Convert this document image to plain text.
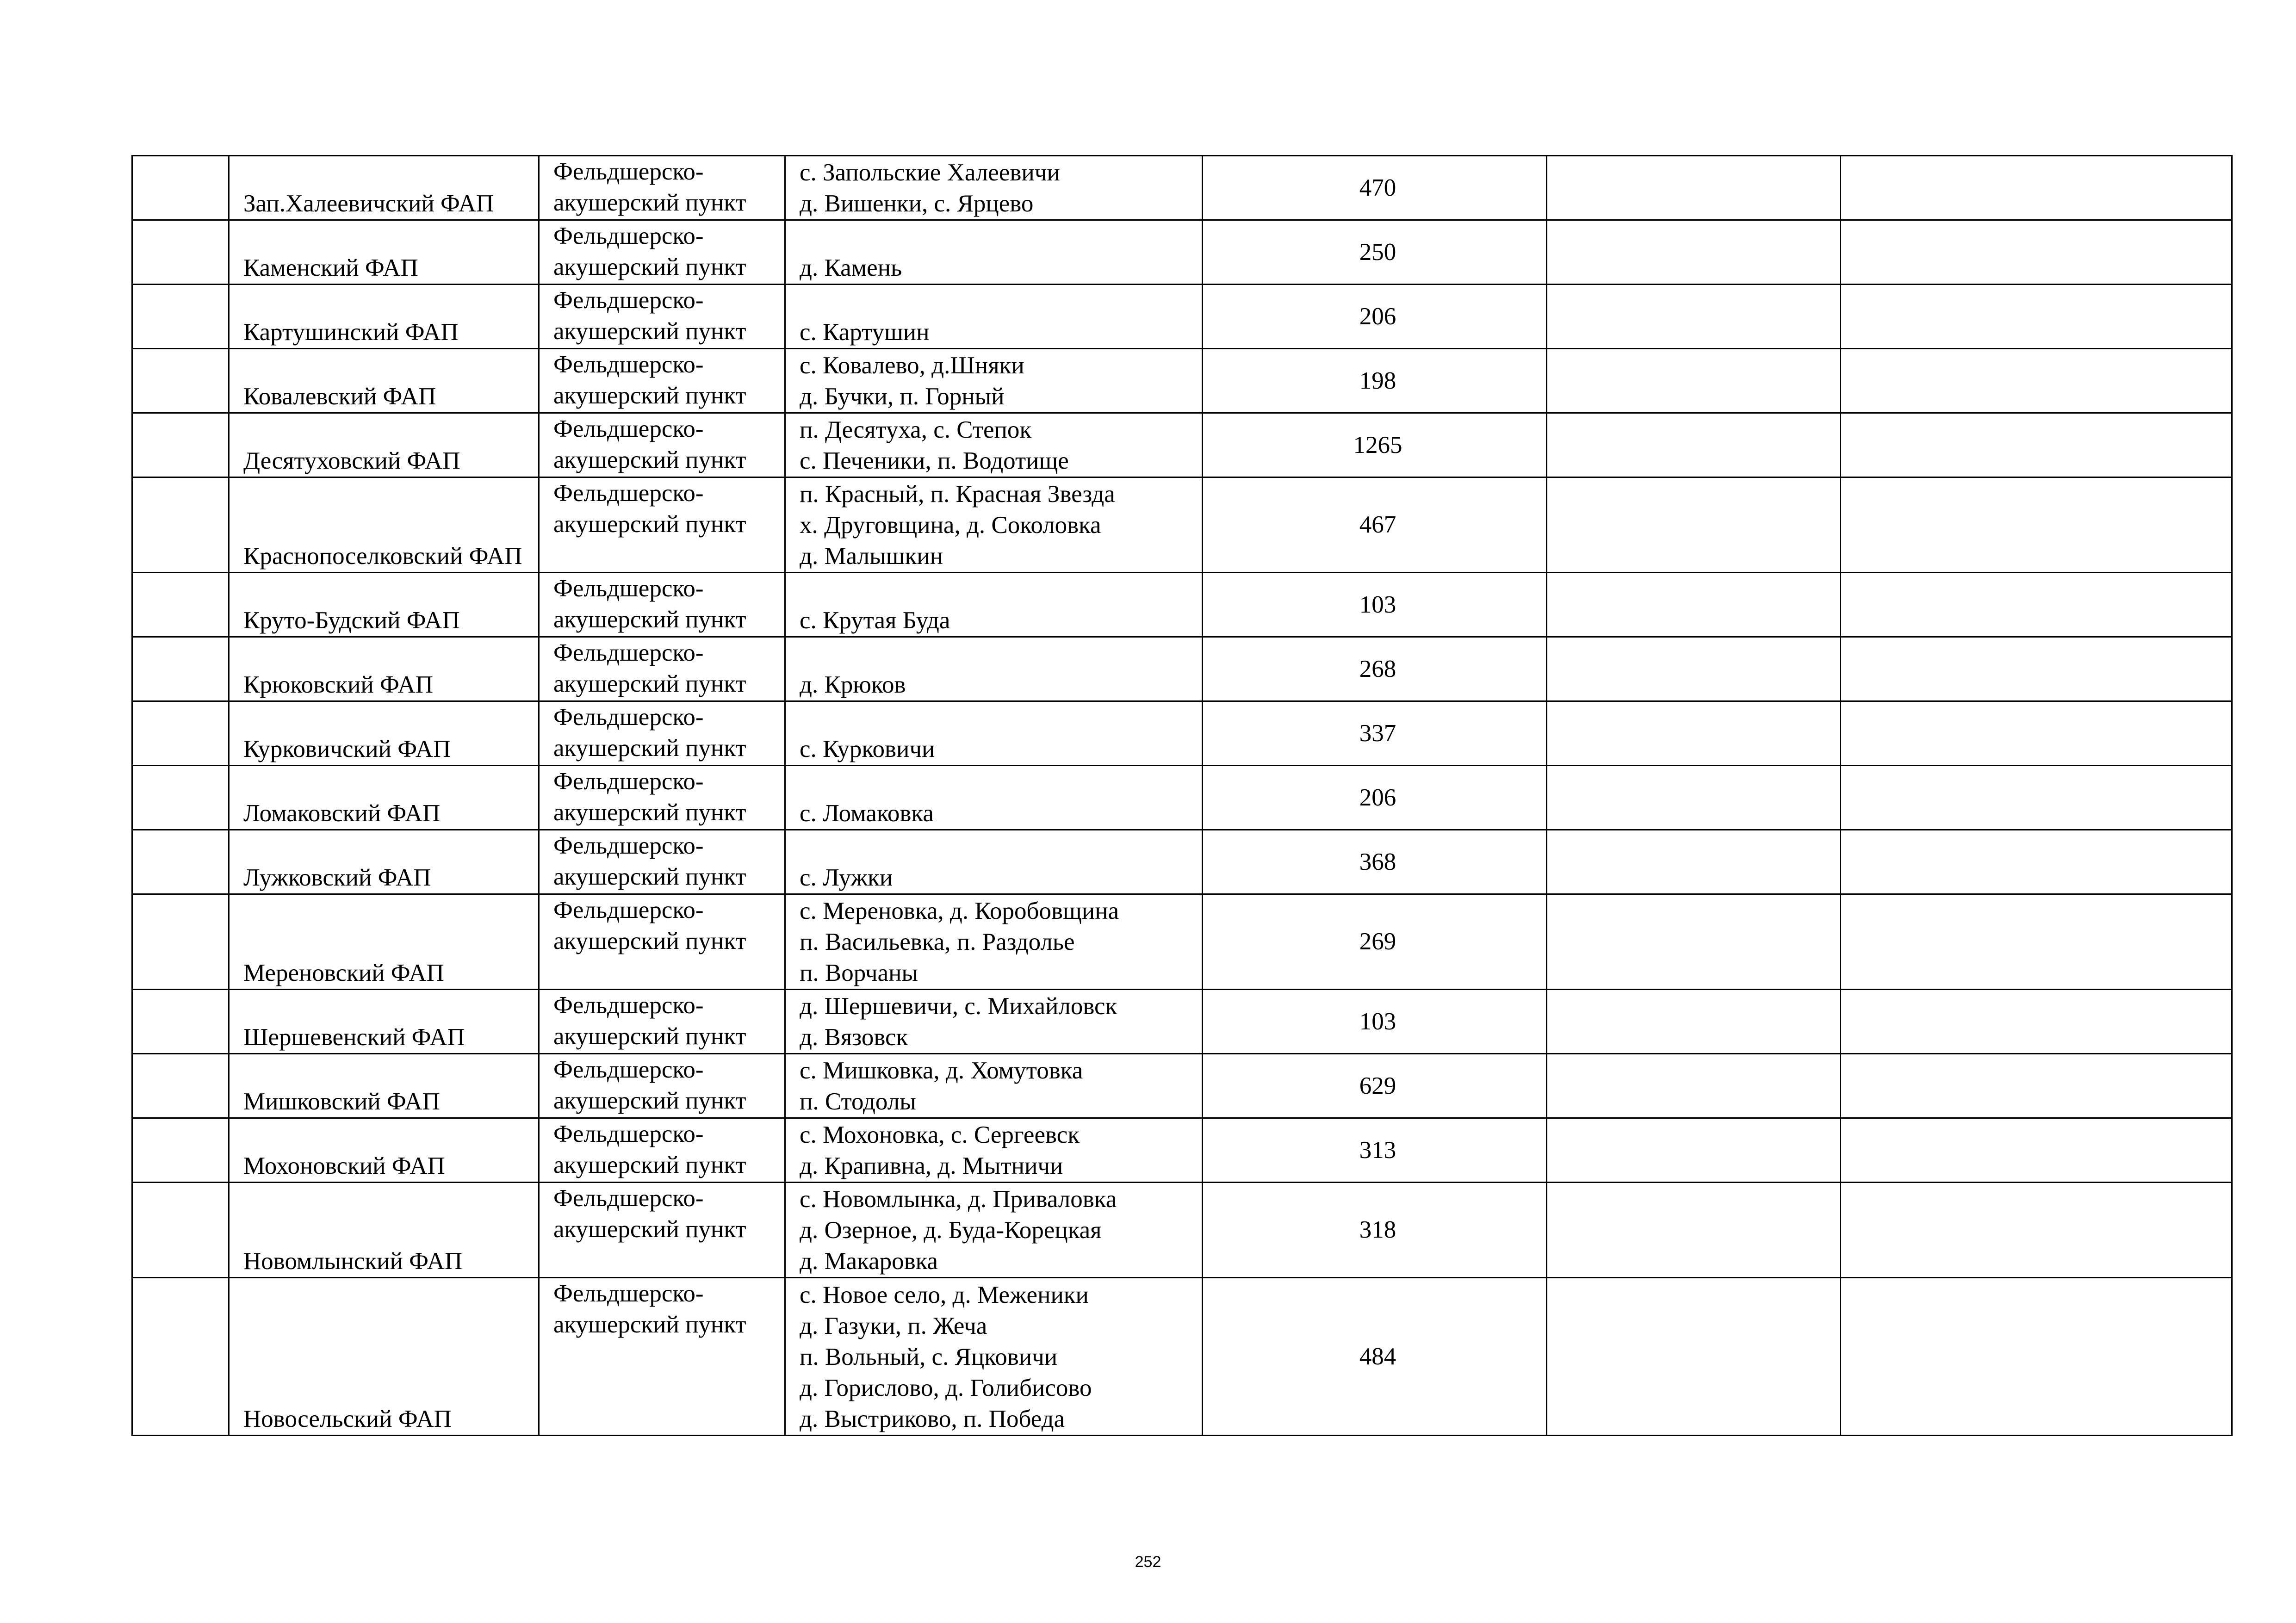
	Зап.Халеевичский ФАП	Фельдшерско-
акушерский пункт	с. Запольские Халеевичи
д. Вишенки, с. Ярцево	470		
	Каменский ФАП	Фельдшерско-
акушерский пункт	д. Камень	250		
	Картушинский ФАП	Фельдшерско-
акушерский пункт	с. Картушин	206		
	Ковалевский ФАП	Фельдшерско-
акушерский пункт	с. Ковалево, д.Шняки
д. Бучки, п. Горный	198		
	Десятуховский ФАП	Фельдшерско-
акушерский пункт	п. Десятуха, с. Степок
с. Печеники, п. Водотище	1265		
	Краснопоселковский ФАП	Фельдшерско-
акушерский пункт	п. Красный, п. Красная Звезда
х. Друговщина, д. Соколовка
д. Малышкин	467		
	Круто-Будский ФАП	Фельдшерско-
акушерский пункт	с. Крутая Буда	103		
	Крюковский ФАП	Фельдшерско-
акушерский пункт	д. Крюков	268		
	Курковичский ФАП	Фельдшерско-
акушерский пункт	с. Курковичи	337		
	Ломаковский ФАП	Фельдшерско-
акушерский пункт	с. Ломаковка	206		
	Лужковский ФАП	Фельдшерско-
акушерский пункт	с. Лужки	368		
	Мереновский ФАП	Фельдшерско-
акушерский пункт	с. Мереновка, д. Коробовщина
п. Васильевка, п. Раздолье
п. Ворчаны	269		
	Шершевенский ФАП	Фельдшерско-
акушерский пункт	д. Шершевичи, с. Михайловск
д. Вязовск	103		
	Мишковский ФАП	Фельдшерско-
акушерский пункт	с. Мишковка, д. Хомутовка
п. Стодолы	629		
	Мохоновский ФАП	Фельдшерско-
акушерский пункт	с. Мохоновка, с. Сергеевск
д. Крапивна, д. Мытничи	313		
	Новомлынский ФАП	Фельдшерско-
акушерский пункт	с. Новомлынка, д. Приваловка
д. Озерное, д. Буда-Корецкая
д. Макаровка	318		
	Новосельский ФАП	Фельдшерско-
акушерский пункт	с. Новое село, д. Межeники
д. Газуки, п. Жеча
п. Вольный, с. Яцковичи
д. Горислово, д. Голибисово
д. Выстриково, п. Победа	484		
252
